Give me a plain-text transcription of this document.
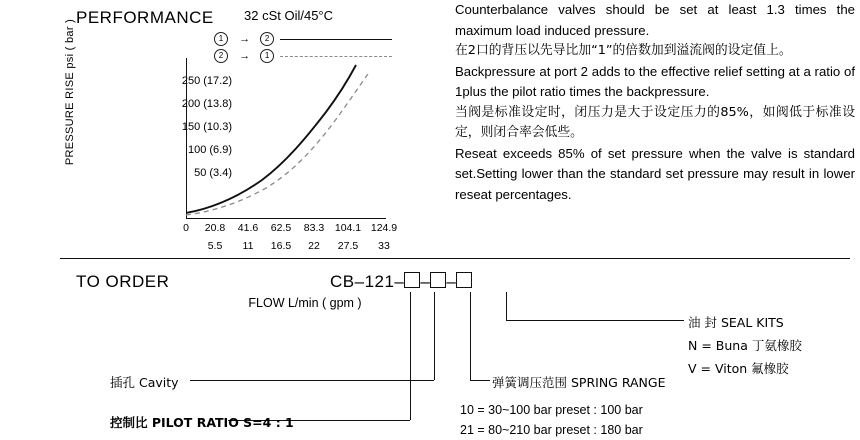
PERFORMANCE 32 cSt Oil/45°C
1 → 2
2 → 1
PRESSURE RISE psi ( bar )	250 (17.2)
200 (13.8)
150 (10.3)
100 (6.9)
50 (3.4)
0	20.8	41.6	62.5	83.3	104.1 124.9
5.5	11	16.5	22	27.5	33
FLOW L/min ( gpm )

Counterbalance valves should be set at least 1.3 times the maximum load induced pressure.

在2口的背压以先导比加“1”的倍数加到溢流阀的设定值上。

Backpressure at port 2 adds to the effective relief setting at a ratio of 1plus the pilot ratio times the backpressure.

当阀是标准设定时，闭压力是大于设定压力的85%，如阀低于标准设定，则闭合率会低些。

Reseat exceeds 85% of set pressure when the valve is standard set.Setting lower than the standard set pressure may result in lower reseat percentages.

TO ORDER	CB–121– – –
油 封 SEAL KITS
N = Buna 丁氨橡胶
V = Viton 氟橡胶
插孔 Cavity
控制比 PILOT RATIO S=4 : 1
弹簧调压范围 SPRING RANGE
10 = 30~100 bar preset : 100 bar
21 = 80~210 bar preset : 180 bar
